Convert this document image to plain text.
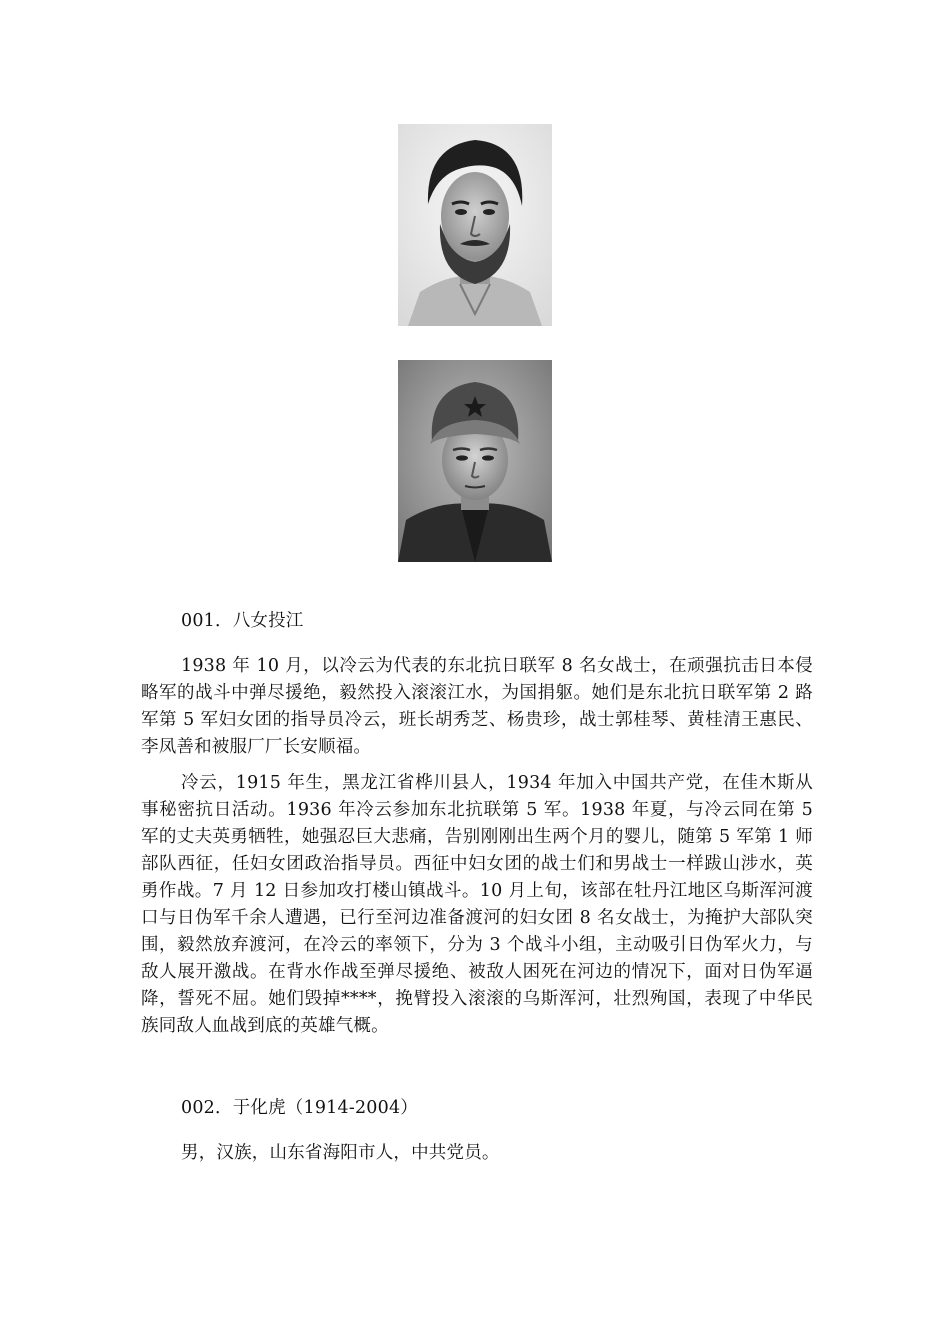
001．八女投江

1938 年 10 月，以冷云为代表的东北抗日联军 8 名女战士，在顽强抗击日本侵略军的战斗中弹尽援绝，毅然投入滚滚江水，为国捐躯。她们是东北抗日联军第 2 路军第 5 军妇女团的指导员冷云，班长胡秀芝、杨贵珍，战士郭桂琴、黄桂清王惠民、李凤善和被服厂厂长安顺福。

冷云，1915 年生，黑龙江省桦川县人，1934 年加入中国共产党，在佳木斯从事秘密抗日活动。1936 年冷云参加东北抗联第 5 军。1938 年夏，与冷云同在第 5 军的丈夫英勇牺牲，她强忍巨大悲痛，告别刚刚出生两个月的婴儿，随第 5 军第 1 师部队西征，任妇女团政治指导员。西征中妇女团的战士们和男战士一样跋山涉水，英勇作战。7 月 12 日参加攻打楼山镇战斗。10 月上旬，该部在牡丹江地区乌斯浑河渡口与日伪军千余人遭遇，已行至河边准备渡河的妇女团 8 名女战士，为掩护大部队突围，毅然放弃渡河，在冷云的率领下，分为 3 个战斗小组，主动吸引日伪军火力，与敌人展开激战。在背水作战至弹尽援绝、被敌人困死在河边的情况下，面对日伪军逼降，誓死不屈。她们毁掉****，挽臂投入滚滚的乌斯浑河，壮烈殉国，表现了中华民族同敌人血战到底的英雄气概。

002．于化虎（1914-2004）

男，汉族，山东省海阳市人，中共党员。
